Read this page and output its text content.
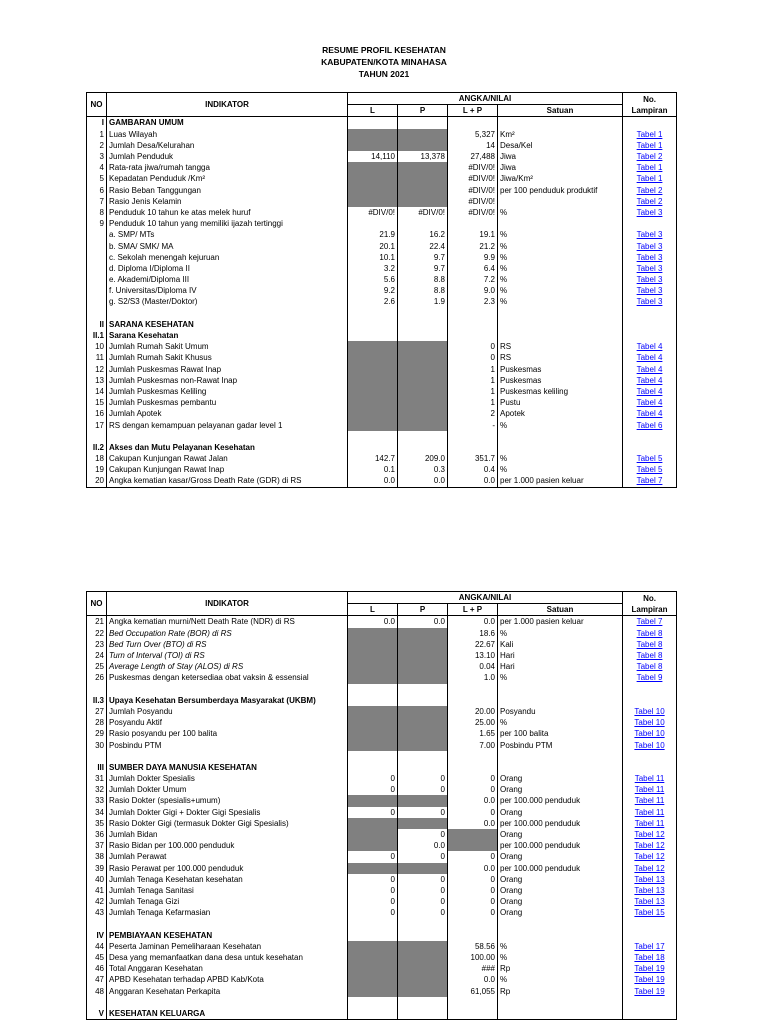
RESUME PROFIL KESEHATAN
KABUPATEN/KOTA MINAHASA
TAHUN 2021
NO	INDIKATOR	ANGKA/NILAI				No.
Lampiran

		L	P	L + P	Satuan	
I	GAMBARAN UMUM					
1	Luas Wilayah			5,327	Km²	Tabel 1
2	Jumlah Desa/Kelurahan			14	Desa/Kel	Tabel 1
3	Jumlah Penduduk	14,110	13,378	27,488	Jiwa	Tabel 2
4	Rata-rata jiwa/rumah tangga			#DIV/0!	Jiwa	Tabel 1
5	Kepadatan Penduduk /Km²			#DIV/0!	Jiwa/Km²	Tabel 1
6	Rasio Beban Tanggungan			#DIV/0!	per 100 penduduk produktif	Tabel 2
7	Rasio Jenis Kelamin			#DIV/0!		Tabel 2
8	Penduduk 10 tahun ke atas melek huruf	#DIV/0!	#DIV/0!	#DIV/0!	%	Tabel 3
9	Penduduk 10 tahun yang memiliki ijazah tertinggi					
	a. SMP/ MTs	21.9	16.2	19.1	%	Tabel 3
	b. SMA/ SMK/ MA	20.1	22.4	21.2	%	Tabel 3
	c. Sekolah menengah kejuruan	10.1	9.7	9.9	%	Tabel 3
	d. Diploma I/Diploma II	3.2	9.7	6.4	%	Tabel 3
	e. Akademi/Diploma III	5.6	8.8	7.2	%	Tabel 3
	f. Universitas/Diploma IV	9.2	8.8	9.0	%	Tabel 3
	g. S2/S3 (Master/Doktor)	2.6	1.9	2.3	%	Tabel 3

II	SARANA KESEHATAN					
II.1	Sarana Kesehatan					
10	Jumlah Rumah Sakit Umum			0	RS	Tabel 4
11	Jumlah Rumah Sakit Khusus			0	RS	Tabel 4
12	Jumlah Puskesmas Rawat Inap			1	Puskesmas	Tabel 4
13	Jumlah Puskesmas non-Rawat Inap			1	Puskesmas	Tabel 4
14	Jumlah Puskesmas Keliling			1	Puskesmas keliling	Tabel 4
15	Jumlah Puskesmas pembantu			1	Pustu	Tabel 4
16	Jumlah Apotek			2	Apotek	Tabel 4
17	RS dengan kemampuan pelayanan gadar level 1			-	%	Tabel 6

II.2	Akses dan Mutu Pelayanan Kesehatan					
18	Cakupan Kunjungan Rawat Jalan	142.7	209.0	351.7	%	Tabel 5
19	Cakupan Kunjungan Rawat Inap	0.1	0.3	0.4	%	Tabel 5
20	Angka kematian kasar/Gross Death Rate (GDR) di RS	0.0	0.0	0.0	per 1.000 pasien keluar	Tabel 7
NO	INDIKATOR	ANGKA/NILAI				No.
Lampiran

		L	P	L + P	Satuan	
21	Angka kematian murni/Nett Death Rate (NDR) di RS	0.0	0.0	0.0	per 1.000 pasien keluar	Tabel 7
22	Bed Occupation Rate (BOR) di RS			18.6	%	Tabel 8
23	Bed Turn Over (BTO) di RS			22.67	Kali	Tabel 8
24	Turn of Interval (TOI) di RS			13.10	Hari	Tabel 8
25	Average Length of Stay (ALOS) di RS			0.04	Hari	Tabel 8
26	Puskesmas dengan ketersediaa obat vaksin & essensial			1.0	%	Tabel 9

II.3	Upaya Kesehatan Bersumberdaya Masyarakat (UKBM)					
27	Jumlah Posyandu			20.00	Posyandu	Tabel 10
28	Posyandu Aktif			25.00	%	Tabel 10
29	Rasio posyandu per 100 balita			1.65	per 100 balita	Tabel 10
30	Posbindu PTM			7.00	Posbindu PTM	Tabel 10

III	SUMBER DAYA MANUSIA KESEHATAN					
31	Jumlah Dokter Spesialis	0	0	0	Orang	Tabel 11
32	Jumlah Dokter Umum	0	0	0	Orang	Tabel 11
33	Rasio Dokter (spesialis+umum)			0.0	per 100.000 penduduk	Tabel 11
34	Jumlah Dokter Gigi + Dokter Gigi Spesialis	0	0	0	Orang	Tabel 11
35	Rasio Dokter Gigi (termasuk Dokter Gigi Spesialis)			0.0	per 100.000 penduduk	Tabel 11
36	Jumlah Bidan		0		Orang	Tabel 12
37	Rasio Bidan per 100.000 penduduk		0.0		per 100.000 penduduk	Tabel 12
38	Jumlah Perawat	0	0	0	Orang	Tabel 12
39	Rasio Perawat per 100.000 penduduk			0.0	per 100.000 penduduk	Tabel 12
40	Jumlah Tenaga Kesehatan kesehatan	0	0	0	Orang	Tabel 13
41	Jumlah Tenaga Sanitasi	0	0	0	Orang	Tabel 13
42	Jumlah Tenaga Gizi	0	0	0	Orang	Tabel 13
43	Jumlah Tenaga Kefarmasian	0	0	0	Orang	Tabel 15

IV	PEMBIAYAAN KESEHATAN					
44	Peserta Jaminan Pemeliharaan Kesehatan			58.56	%	Tabel 17
45	Desa yang memanfaatkan dana desa untuk kesehatan			100.00	%	Tabel 18
46	Total Anggaran Kesehatan			###	Rp	Tabel 19
47	APBD Kesehatan terhadap APBD Kab/Kota			0.0	%	Tabel 19
48	Anggaran Kesehatan Perkapita			61,055	Rp	Tabel 19

V	KESEHATAN KELUARGA					
